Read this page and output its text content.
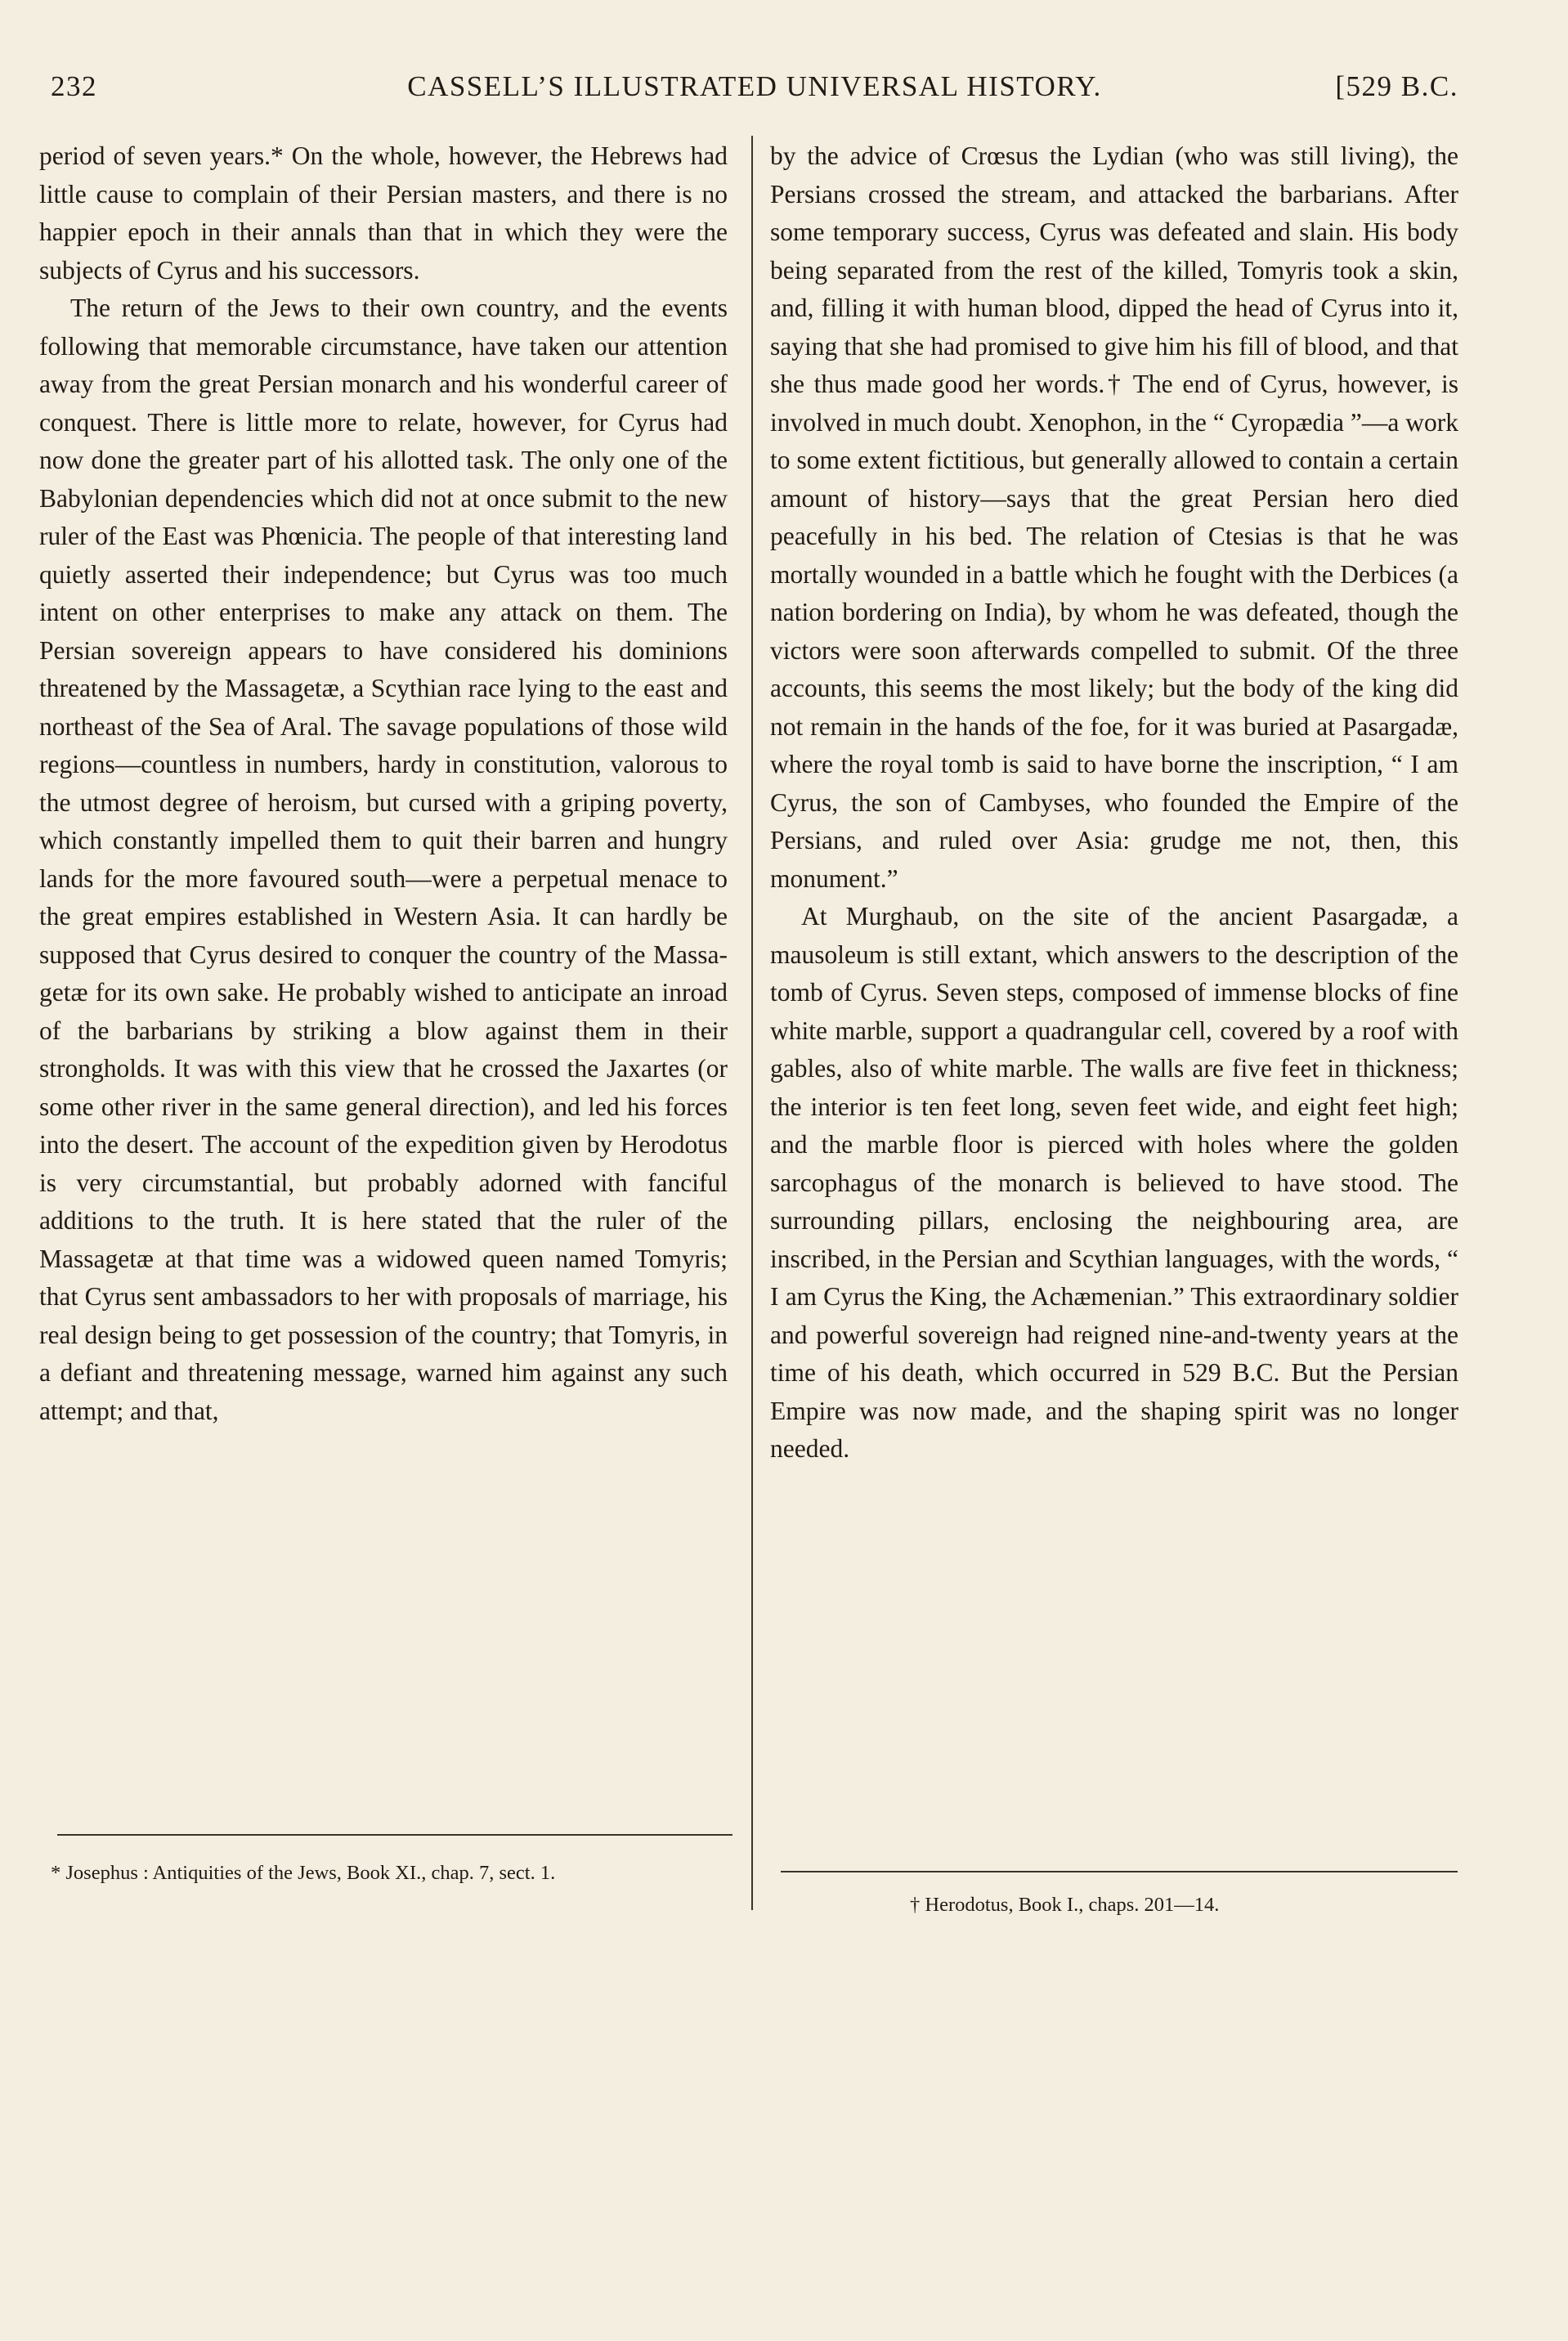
232	CASSELL’S ILLUSTRATED UNIVERSAL HISTORY.	[529 B.C.

period of seven years.* On the whole, however, the Hebrews had little cause to complain of their Persian masters, and there is no happier epoch in their annals than that in which they were the subjects of Cyrus and his successors.

The return of the Jews to their own country, and the events following that memorable circumstance, have taken our attention away from the great Persian monarch and his wonderful career of conquest. There is little more to relate, however, for Cyrus had now done the greater part of his allotted task. The only one of the Babylonian dependencies which did not at once submit to the new ruler of the East was Phœnicia. The people of that interesting land quietly asserted their independence; but Cyrus was too much intent on other enterprises to make any attack on them. The Persian sovereign appears to have considered his dominions threatened by the Massagetæ, a Scythian race lying to the east and northeast of the Sea of Aral. The savage populations of those wild regions—countless in numbers, hardy in constitution, valorous to the utmost degree of heroism, but cursed with a griping poverty, which constantly impelled them to quit their barren and hungry lands for the more favoured south—were a perpetual menace to the great empires established in Western Asia. It can hardly be supposed that Cyrus desired to conquer the country of the Massagetæ for its own sake. He probably wished to anticipate an inroad of the barbarians by striking a blow against them in their strongholds. It was with this view that he crossed the Jaxartes (or some other river in the same general direction), and led his forces into the desert. The account of the expedition given by Herodotus is very circumstantial, but probably adorned with fanciful additions to the truth. It is here stated that the ruler of the Massagetæ at that time was a widowed queen named Tomyris; that Cyrus sent ambassadors to her with proposals of marriage, his real design being to get possession of the country; that Tomyris, in a defiant and threatening message, warned him against any such attempt; and that,

by the advice of Crœsus the Lydian (who was still living), the Persians crossed the stream, and attacked the barbarians. After some temporary success, Cyrus was defeated and slain. His body being separated from the rest of the killed, Tomyris took a skin, and, filling it with human blood, dipped the head of Cyrus into it, saying that she had promised to give him his fill of blood, and that she thus made good her words.† The end of Cyrus, however, is involved in much doubt. Xenophon, in the “ Cyropædia ”—a work to some extent fictitious, but generally allowed to contain a certain amount of history—says that the great Persian hero died peacefully in his bed. The relation of Ctesias is that he was mortally wounded in a battle which he fought with the Derbices (a nation bordering on India), by whom he was defeated, though the victors were soon afterwards compelled to submit. Of the three accounts, this seems the most likely; but the body of the king did not remain in the hands of the foe, for it was buried at Pasargadæ, where the royal tomb is said to have borne the inscription, “ I am Cyrus, the son of Cambyses, who founded the Empire of the Persians, and ruled over Asia: grudge me not, then, this monument.”

At Murghaub, on the site of the ancient Pasargadæ, a mausoleum is still extant, which answers to the description of the tomb of Cyrus. Seven steps, composed of immense blocks of fine white marble, support a quadrangular cell, covered by a roof with gables, also of white marble. The walls are five feet in thickness; the interior is ten feet long, seven feet wide, and eight feet high; and the marble floor is pierced with holes where the golden sarcophagus of the monarch is believed to have stood. The surrounding pillars, enclosing the neighbouring area, are inscribed, in the Persian and Scythian languages, with the words, “ I am Cyrus the King, the Achæmenian.” This extraordinary soldier and powerful sovereign had reigned nine-and-twenty years at the time of his death, which occurred in 529 B.C. But the Persian Empire was now made, and the shaping spirit was no longer needed.

* Josephus : Antiquities of the Jews, Book XI., chap. 7, sect. 1.
† Herodotus, Book I., chaps. 201—14.
